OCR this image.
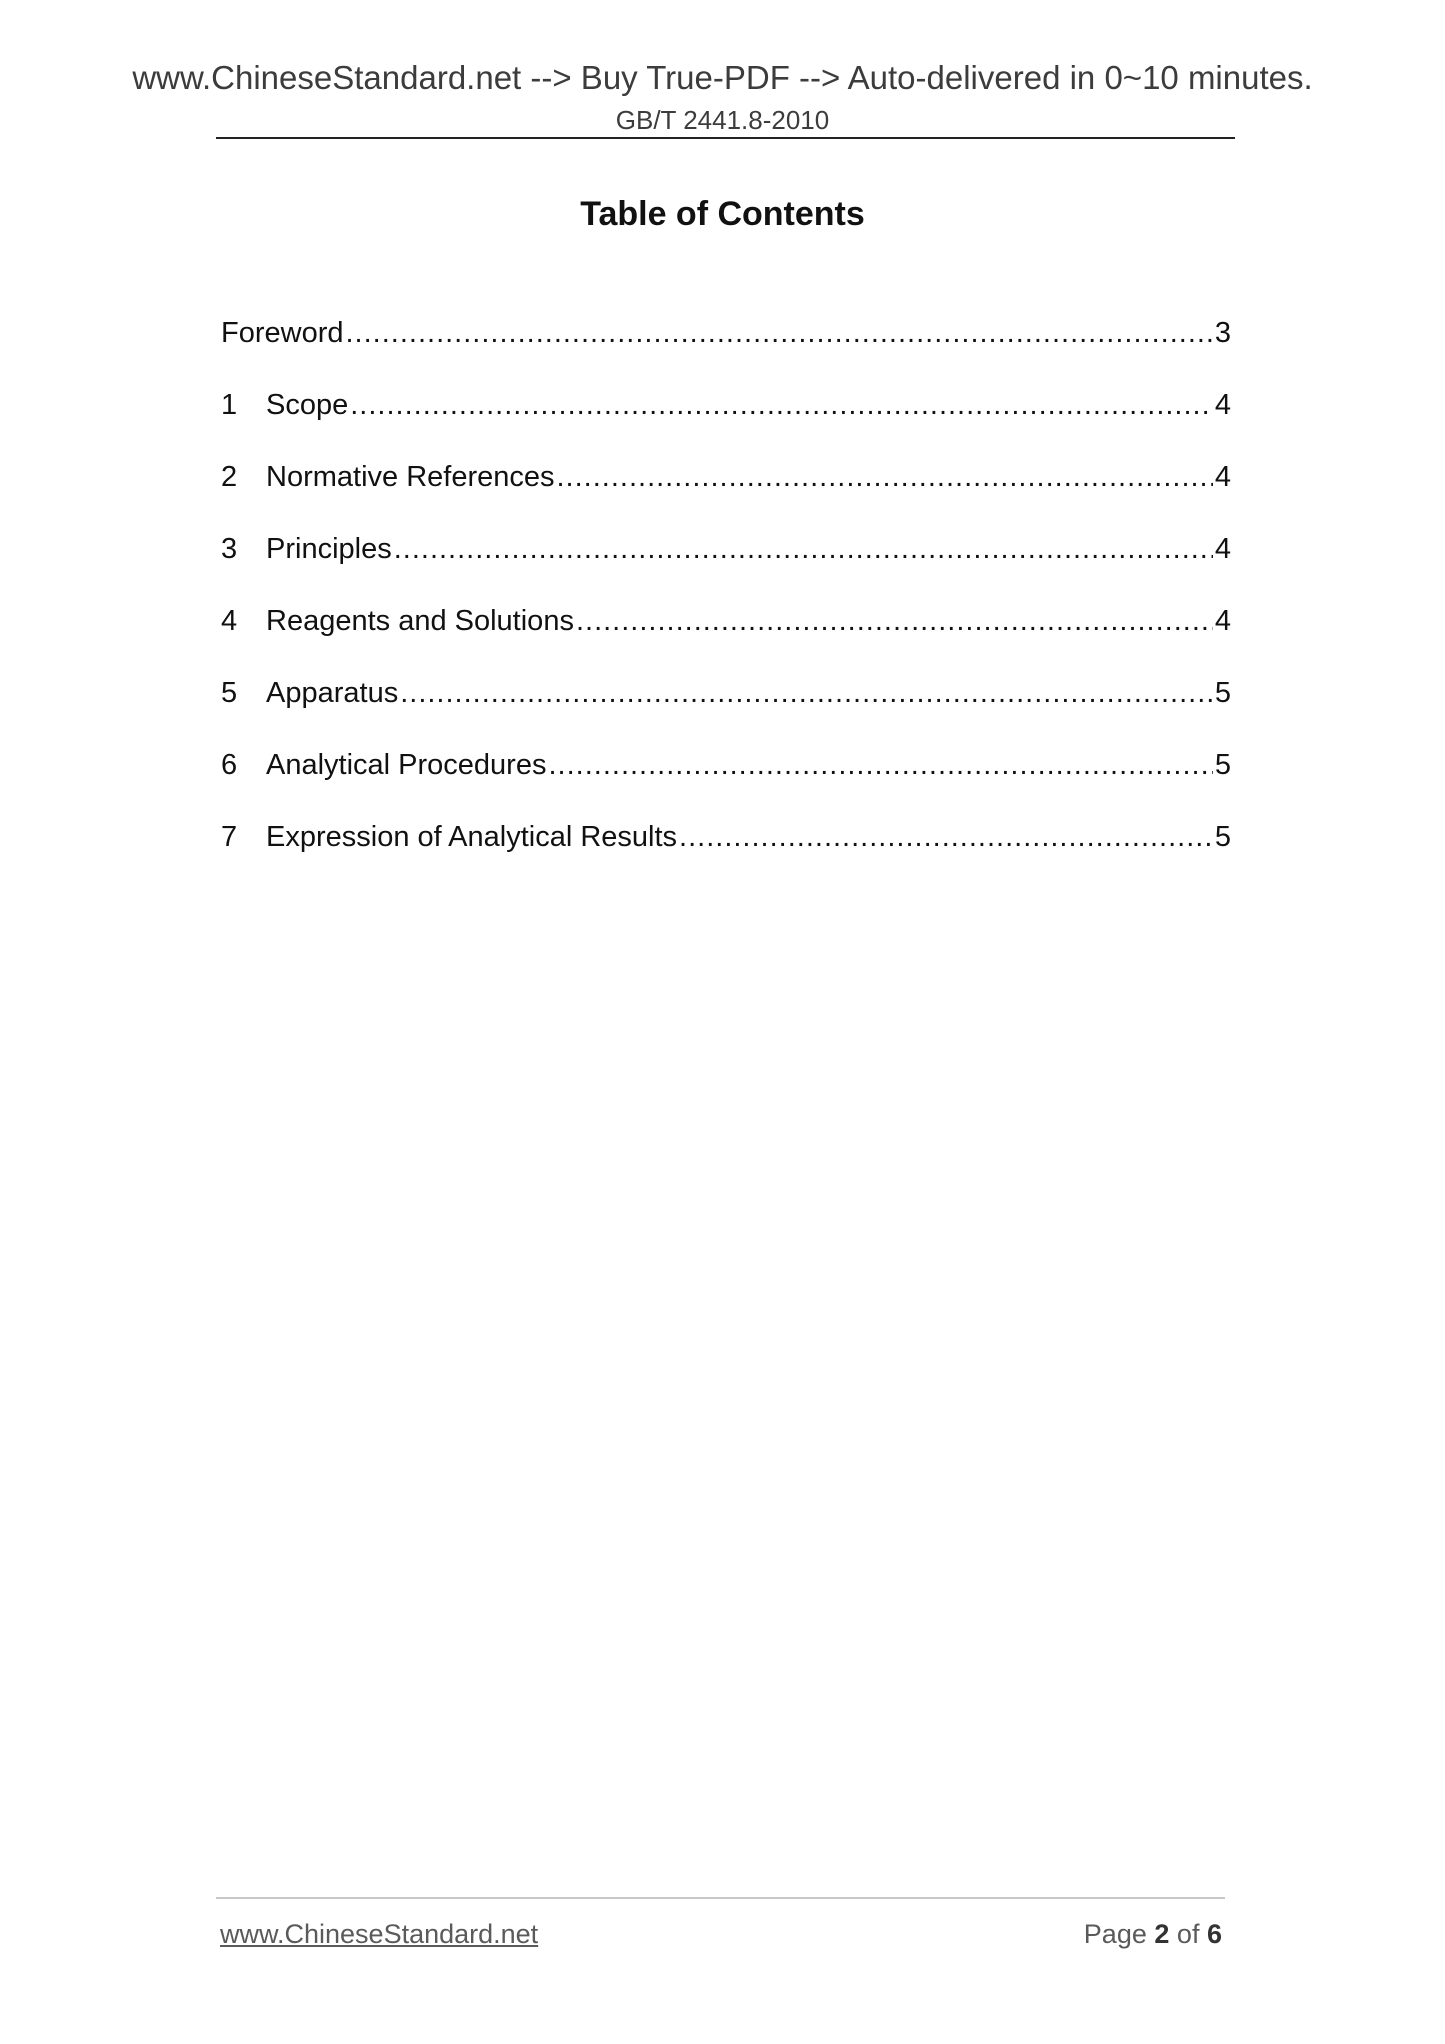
www.ChineseStandard.net --> Buy True-PDF --> Auto-delivered in 0~10 minutes.
GB/T 2441.8-2010
Table of Contents
Foreword .....	3
1 Scope .....	4
2 Normative References .....	4
3 Principles .....	4
4 Reagents and Solutions .....	4
5 Apparatus .....	5
6 Analytical Procedures .....	5
7 Expression of Analytical Results .....	5
www.ChineseStandard.net	Page 2 of 6
